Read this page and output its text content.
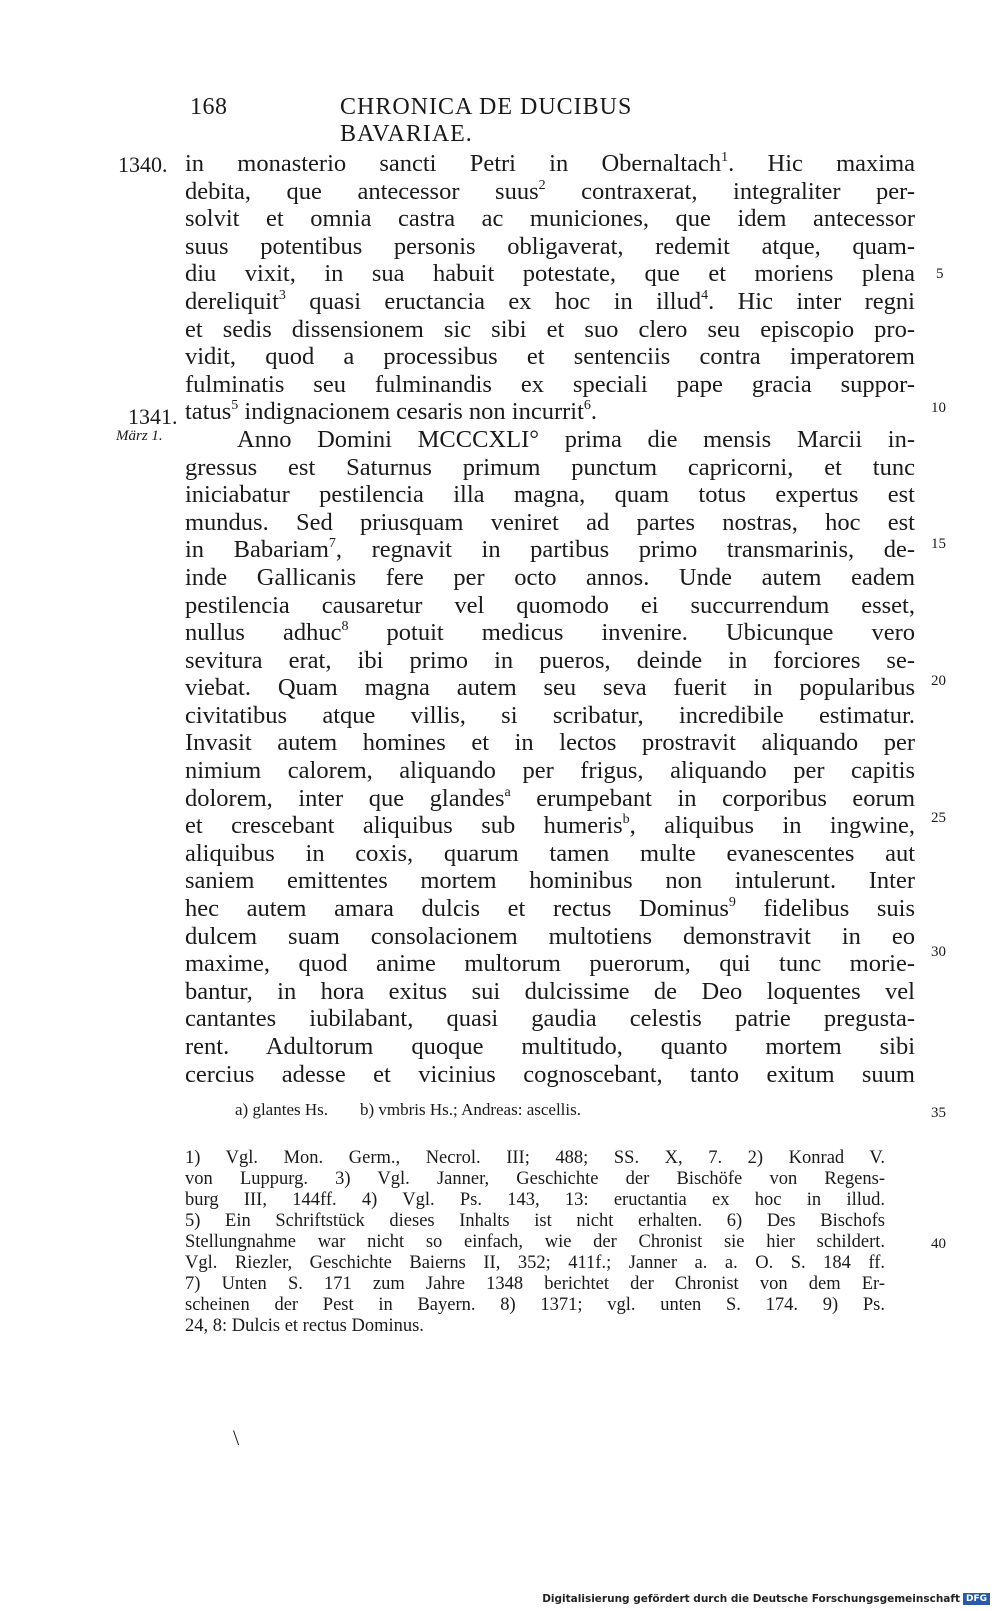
168	CHRONICA DE DUCIBUS BAVARIAE.
1340.
1341.
März 1.
5
10
15
20
25
30
35
40
in monasterio sancti Petri in Obernaltach$^1$. Hic maxima
debita, que antecessor suus$^2$ contraxerat, integraliter per-
solvit et omnia castra ac municiones, que idem antecessor
suus potentibus personis obligaverat, redemit atque, quam-
diu vixit, in sua habuit potestate, que et moriens plena
dereliquit$^3$ quasi eructancia ex hoc in illud$^4$. Hic inter regni
et sedis dissensionem sic sibi et suo clero seu episcopio pro-
vidit, quod a processibus et sentenciis contra imperatorem
fulminatis seu fulminandis ex speciali pape gracia suppor-
tatus$^5$ indignacionem cesaris non incurrit$^6$.
Anno Domini MCCCXLI° prima die mensis Marcii in-
gressus est Saturnus primum punctum capricorni, et tunc
iniciabatur pestilencia illa magna, quam totus expertus est
mundus. Sed priusquam veniret ad partes nostras, hoc est
in Babariam$^7$, regnavit in partibus primo transmarinis, de-
inde Gallicanis fere per octo annos. Unde autem eadem
pestilencia causaretur vel quomodo ei succurrendum esset,
nullus adhuc$^8$ potuit medicus invenire. Ubicunque vero
sevitura erat, ibi primo in pueros, deinde in forciores se-
viebat. Quam magna autem seu seva fuerit in popularibus
civitatibus atque villis, si scribatur, incredibile estimatur.
Invasit autem homines et in lectos prostravit aliquando per
nimium calorem, aliquando per frigus, aliquando per capitis
dolorem, inter que glandes$^a$ erumpebant in corporibus eorum
et crescebant aliquibus sub humeris$^b$, aliquibus in ingwine,
aliquibus in coxis, quarum tamen multe evanescentes aut
saniem emittentes mortem hominibus non intulerunt. Inter
hec autem amara dulcis et rectus Dominus$^9$ fidelibus suis
dulcem suam consolacionem multotiens demonstravit in eo
maxime, quod anime multorum puerorum, qui tunc morie-
bantur, in hora exitus sui dulcissime de Deo loquentes vel
cantantes iubilabant, quasi gaudia celestis patrie pregusta-
rent. Adultorum quoque multitudo, quanto mortem sibi
cercius adesse et vicinius cognoscebant, tanto exitum suum
a) glantes Hs. b) vmbris Hs.; Andreas: ascellis.
1) Vgl. Mon. Germ., Necrol. III; 488; SS. X, 7. 2) Konrad V.
von Luppurg. 3) Vgl. Janner, Geschichte der Bischöfe von Regens-
burg III, 144ff. 4) Vgl. Ps. 143, 13: eructantia ex hoc in illud.
5) Ein Schriftstück dieses Inhalts ist nicht erhalten. 6) Des Bischofs
Stellungnahme war nicht so einfach, wie der Chronist sie hier schildert.
Vgl. Riezler, Geschichte Baierns II, 352; 411f.; Janner a. a. O. S. 184 ff.
7) Unten S. 171 zum Jahre 1348 berichtet der Chronist von dem Er-
scheinen der Pest in Bayern. 8) 1371; vgl. unten S. 174. 9) Ps.
24, 8: Dulcis et rectus Dominus.
\
Digitalisierung gefördert durch die Deutsche Forschungsgemeinschaft DFG
